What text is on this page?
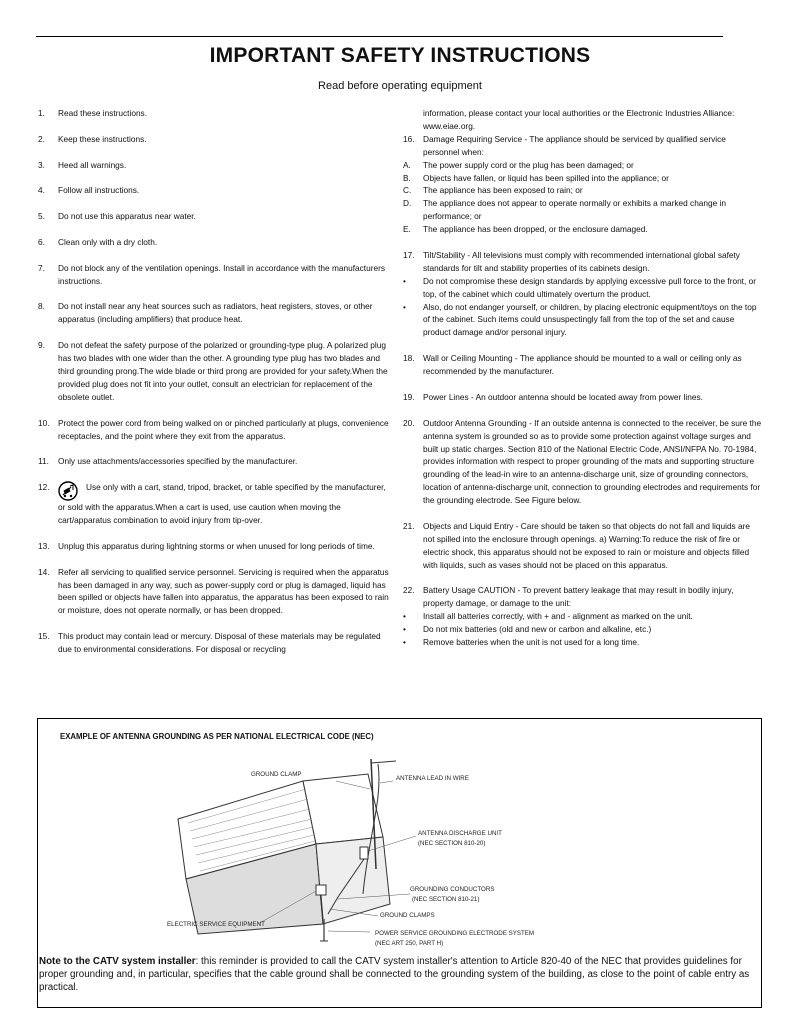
IMPORTANT SAFETY INSTRUCTIONS
Read before operating equipment
1.	Read these instructions.
2.	Keep these instructions.
3.	Heed all warnings.
4.	Follow all instructions.
5.	Do not use this apparatus near water.
6.	Clean only with a dry cloth.
7.	Do not block any of the ventilation openings. Install in accordance with the manufacturers instructions.
8.	Do not install near any heat sources such as radiators, heat registers, stoves, or other apparatus (including amplifiers) that produce heat.
9.	Do not defeat the safety purpose of the polarized or grounding-type plug. A polarized plug has two blades with one wider than the other. A grounding type plug has two blades and third grounding prong.The wide blade or third prong are provided for your safety.When the provided plug does not fit into your outlet, consult an electrician for replacement of the obsolete outlet.
10.	Protect the power cord from being walked on or pinched particularly at plugs, convenience receptacles, and the point where they exit from the apparatus.
11.	Only use attachments/accessories specified by the manufacturer.
12.	Use only with a cart, stand, tripod, bracket, or table specified by the manufacturer, or sold with the apparatus.When a cart is used, use caution when moving the cart/apparatus combination to avoid injury from tip-over.
13.	Unplug this apparatus during lightning storms or when unused for long periods of time.
14.	Refer all servicing to qualified service personnel. Servicing is required when the apparatus has been damaged in any way, such as power-supply cord or plug is damaged, liquid has been spilled or objects have fallen into apparatus, the apparatus has been exposed to rain or moisture, does not operate normally, or has been dropped.
15.	This product may contain lead or mercury. Disposal of these materials may be regulated due to environmental considerations. For disposal or recycling
information, please contact your local authorities or the Electronic Industries Alliance: www.eiae.org.
16.	Damage Requiring Service - The appliance should be serviced by qualified service personnel when:
A.	The power supply cord or the plug has been damaged; or
B.	Objects have fallen, or liquid has been spilled into the appliance; or
C.	The appliance has been exposed to rain; or
D.	The appliance does not appear to operate normally or exhibits a marked change in performance; or
E.	The appliance has been dropped, or the enclosure damaged.
17.	Tilt/Stability - All televisions must comply with recommended international global safety standards for tilt and stability properties of its cabinets design.
•	Do not compromise these design standards by applying excessive pull force to the front, or top, of the cabinet which could ultimately overturn the product.
•	Also, do not endanger yourself, or children, by placing electronic equipment/toys on the top of the cabinet. Such items could unsuspectingly fall from the top of the set and cause product damage and/or personal injury.
18.	Wall or Ceiling Mounting - The appliance should be mounted to a wall or ceiling only as recommended by the manufacturer.
19.	Power Lines - An outdoor antenna should be located away from power lines.
20.	Outdoor Antenna Grounding - If an outside antenna is connected to the receiver, be sure the antenna system is grounded so as to provide some protection against voltage surges and built up static charges. Section 810 of the National Electric Code, ANSI/NFPA No. 70-1984, provides information with respect to proper grounding of the mats and supporting structure grounding of the lead-in wire to an antenna-discharge unit, size of grounding connectors, location of antenna-discharge unit, connection to grounding electrodes and requirements for the grounding electrode. See Figure below.
21.	Objects and Liquid Entry - Care should be taken so that objects do not fall and liquids are not spilled into the enclosure through openings. a) Warning:To reduce the risk of fire or electric shock, this apparatus should not be exposed to rain or moisture and objects filled with liquids, such as vases should not be placed on this apparatus.
22.	Battery Usage CAUTION - To prevent battery leakage that may result in bodily injury, property damage, or damage to the unit:
•	Install all batteries correctly, with + and - alignment as marked on the unit.
•	Do not mix batteries (old and new or carbon and alkaline, etc.)
•	Remove batteries when the unit is not used for a long time.
EXAMPLE OF ANTENNA GROUNDING AS PER NATIONAL ELECTRICAL CODE (NEC)
GROUND CLAMP
ANTENNA LEAD IN WIRE
ANTENNA DISCHARGE UNIT
(NEC SECTION 810-20)
GROUNDING CONDUCTORS
(NEC SECTION 810-21)
GROUND CLAMPS
ELECTRIC SERVICE EQUIPMENT
POWER SERVICE GROUNDING ELECTRODE SYSTEM
(NEC ART 250, PART H)
Note to the CATV system installer: this reminder is provided to call the CATV system installer's attention to Article 820-40 of the NEC that provides guidelines for proper grounding and, in particular, specifies that the cable ground shall be connected to the grounding system of the building, as close to the point of cable entry as practical.
